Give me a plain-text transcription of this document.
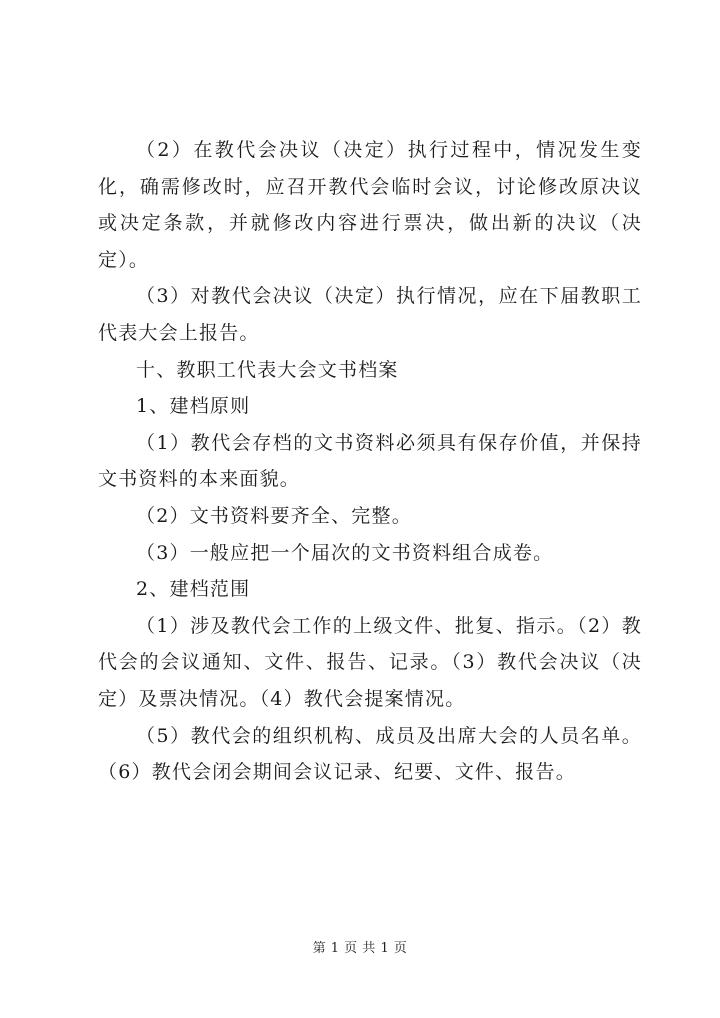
（2）在教代会决议（决定）执行过程中，情况发生变化，确需修改时，应召开教代会临时会议，讨论修改原决议或决定条款，并就修改内容进行票决，做出新的决议（决定）。

（3）对教代会决议（决定）执行情况，应在下届教职工代表大会上报告。

十、教职工代表大会文书档案

1、建档原则

（1）教代会存档的文书资料必须具有保存价值，并保持文书资料的本来面貌。

（2）文书资料要齐全、完整。

（3）一般应把一个届次的文书资料组合成卷。

2、建档范围

（1）涉及教代会工作的上级文件、批复、指示。（2）教代会的会议通知、文件、报告、记录。（3）教代会决议（决定）及票决情况。（4）教代会提案情况。

（5）教代会的组织机构、成员及出席大会的人员名单。（6）教代会闭会期间会议记录、纪要、文件、报告。

第 1 页 共 1 页
